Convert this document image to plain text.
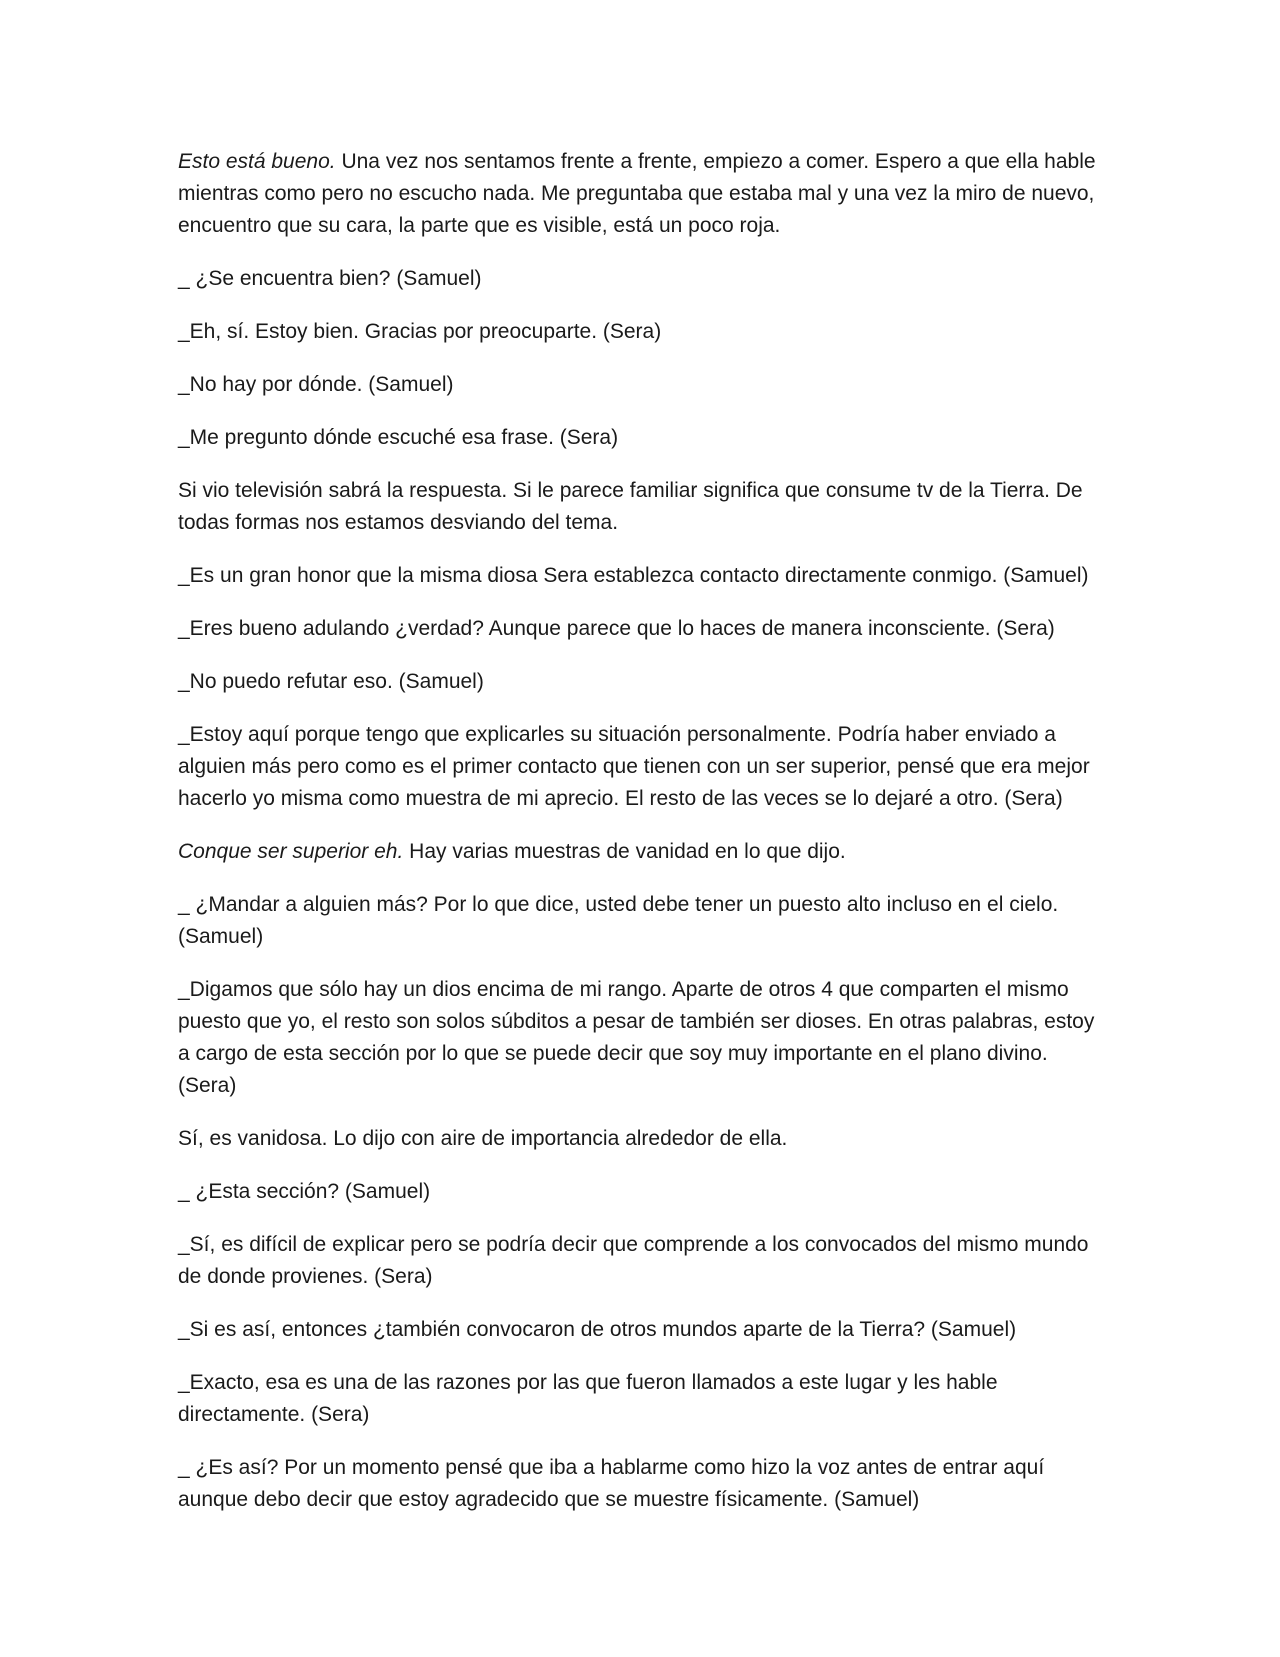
Esto está bueno. Una vez nos sentamos frente a frente, empiezo a comer. Espero a que ella hable mientras como pero no escucho nada. Me preguntaba que estaba mal y una vez la miro de nuevo, encuentro que su cara, la parte que es visible, está un poco roja.

_ ¿Se encuentra bien? (Samuel)

_Eh, sí. Estoy bien. Gracias por preocuparte. (Sera)

_No hay por dónde. (Samuel)

_Me pregunto dónde escuché esa frase. (Sera)

Si vio televisión sabrá la respuesta. Si le parece familiar significa que consume tv de la Tierra. De todas formas nos estamos desviando del tema.

_Es un gran honor que la misma diosa Sera establezca contacto directamente conmigo. (Samuel)

_Eres bueno adulando ¿verdad? Aunque parece que lo haces de manera inconsciente. (Sera)

_No puedo refutar eso. (Samuel)

_Estoy aquí porque tengo que explicarles su situación personalmente. Podría haber enviado a alguien más pero como es el primer contacto que tienen con un ser superior, pensé que era mejor hacerlo yo misma como muestra de mi aprecio. El resto de las veces se lo dejaré a otro. (Sera)

Conque ser superior eh. Hay varias muestras de vanidad en lo que dijo.

_ ¿Mandar a alguien más? Por lo que dice, usted debe tener un puesto alto incluso en el cielo. (Samuel)

_Digamos que sólo hay un dios encima de mi rango. Aparte de otros 4 que comparten el mismo puesto que yo, el resto son solos súbditos a pesar de también ser dioses. En otras palabras, estoy a cargo de esta sección por lo que se puede decir que soy muy importante en el plano divino. (Sera)

Sí, es vanidosa. Lo dijo con aire de importancia alrededor de ella.

_ ¿Esta sección? (Samuel)

_Sí, es difícil de explicar pero se podría decir que comprende a los convocados del mismo mundo de donde provienes. (Sera)

_Si es así, entonces ¿también convocaron de otros mundos aparte de la Tierra? (Samuel)

_Exacto, esa es una de las razones por las que fueron llamados a este lugar y les hable directamente. (Sera)

_ ¿Es así? Por un momento pensé que iba a hablarme como hizo la voz antes de entrar aquí aunque debo decir que estoy agradecido que se muestre físicamente. (Samuel)
